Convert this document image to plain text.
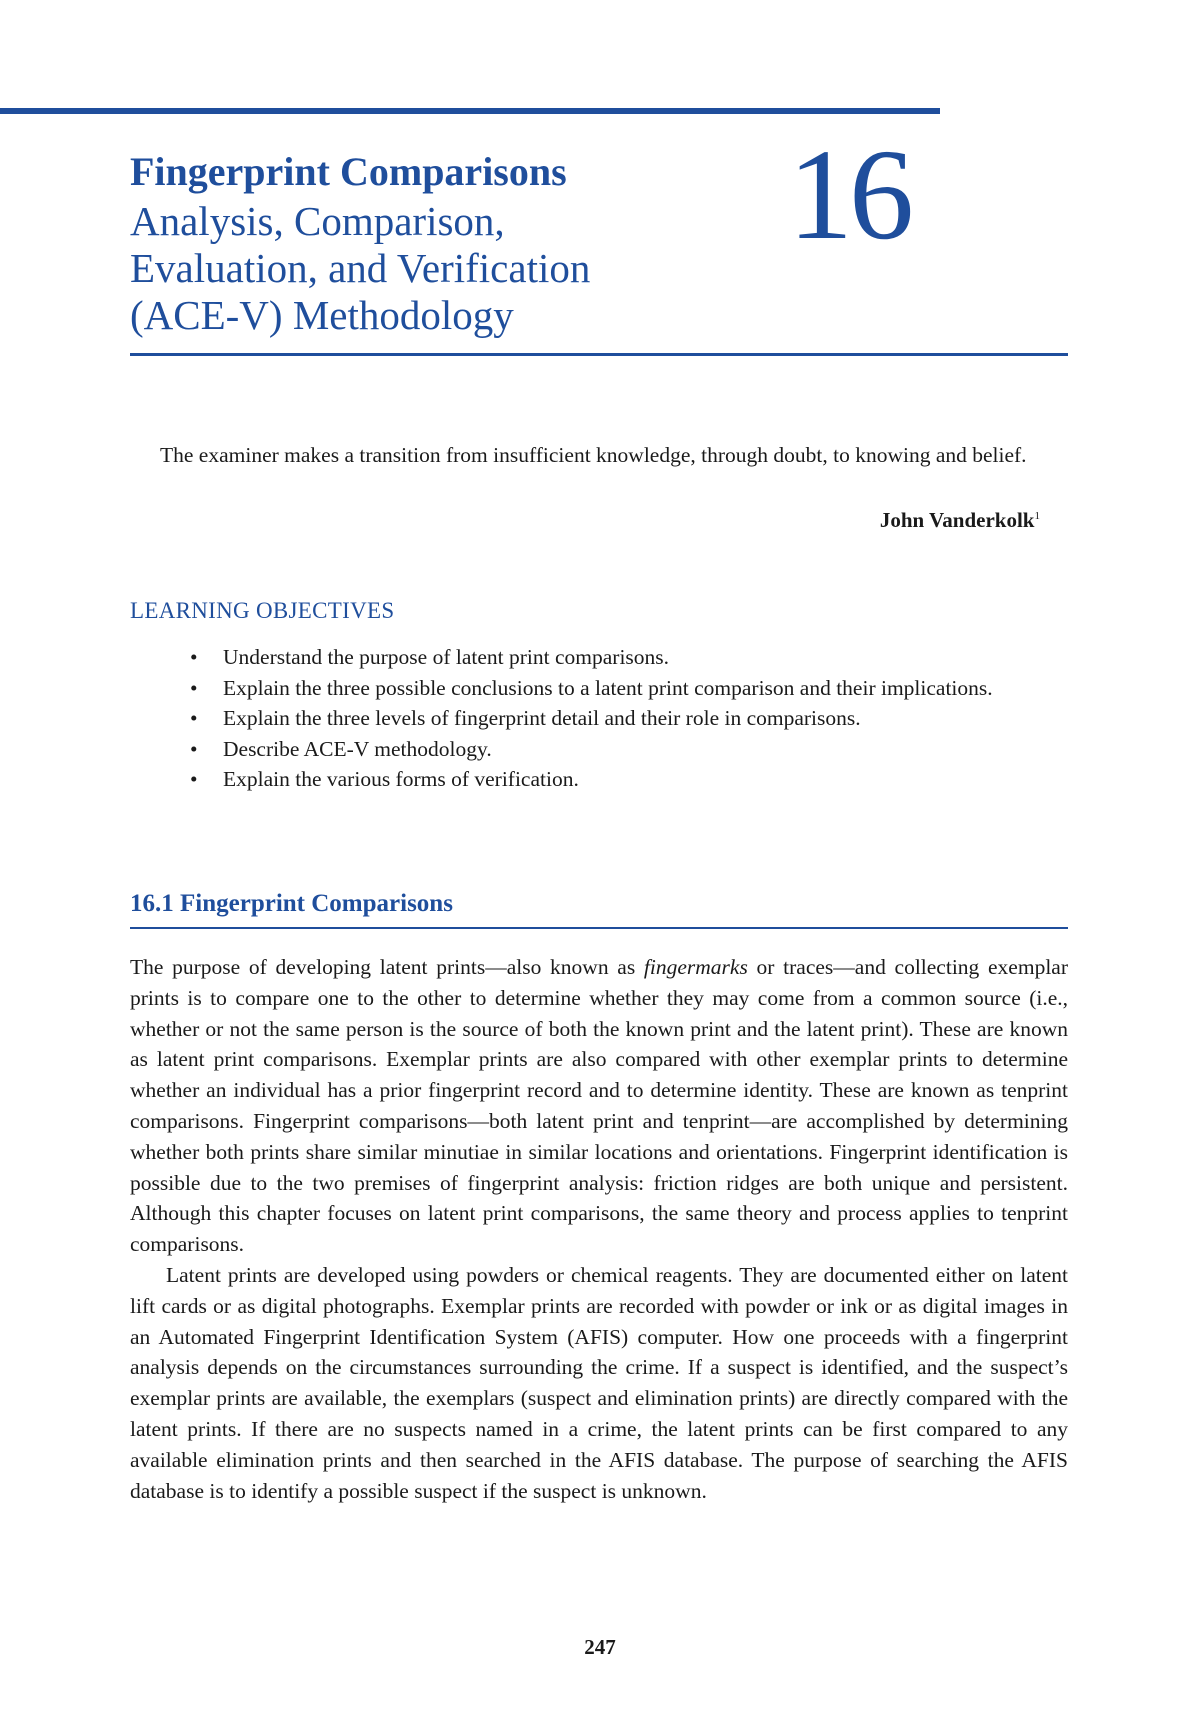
Fingerprint Comparisons
Analysis, Comparison,
Evaluation, and Verification
(ACE-V) Methodology
16
The examiner makes a transition from insufficient knowledge, through doubt, to knowing and belief.
John Vanderkolk$^1$
LEARNING OBJECTIVES
• Understand the purpose of latent print comparisons.
• Explain the three possible conclusions to a latent print comparison and their implications.
• Explain the three levels of fingerprint detail and their role in comparisons.
• Describe ACE-V methodology.
• Explain the various forms of verification.
16.1 Fingerprint Comparisons

The purpose of developing latent prints—also known as fingermarks or traces—and collecting exemplar prints is to compare one to the other to determine whether they may come from a common source (i.e., whether or not the same person is the source of both the known print and the latent print). These are known as latent print comparisons. Exemplar prints are also compared with other exemplar prints to determine whether an individual has a prior fingerprint record and to determine identity. These are known as tenprint comparisons. Fingerprint comparisons—both latent print and tenprint—are accomplished by determining whether both prints share similar minutiae in similar locations and orientations. Fingerprint identification is possible due to the two premises of fingerprint analysis: friction ridges are both unique and persistent. Although this chapter focuses on latent print comparisons, the same theory and process applies to tenprint comparisons.

Latent prints are developed using powders or chemical reagents. They are documented either on latent lift cards or as digital photographs. Exemplar prints are recorded with powder or ink or as digital images in an Automated Fingerprint Identification System (AFIS) computer. How one proceeds with a fingerprint analysis depends on the circumstances surrounding the crime. If a suspect is identified, and the suspect’s exemplar prints are available, the exemplars (suspect and elimination prints) are directly compared with the latent prints. If there are no suspects named in a crime, the latent prints can be first compared to any available elimination prints and then searched in the AFIS database. The purpose of searching the AFIS database is to identify a possible suspect if the suspect is unknown.

247
